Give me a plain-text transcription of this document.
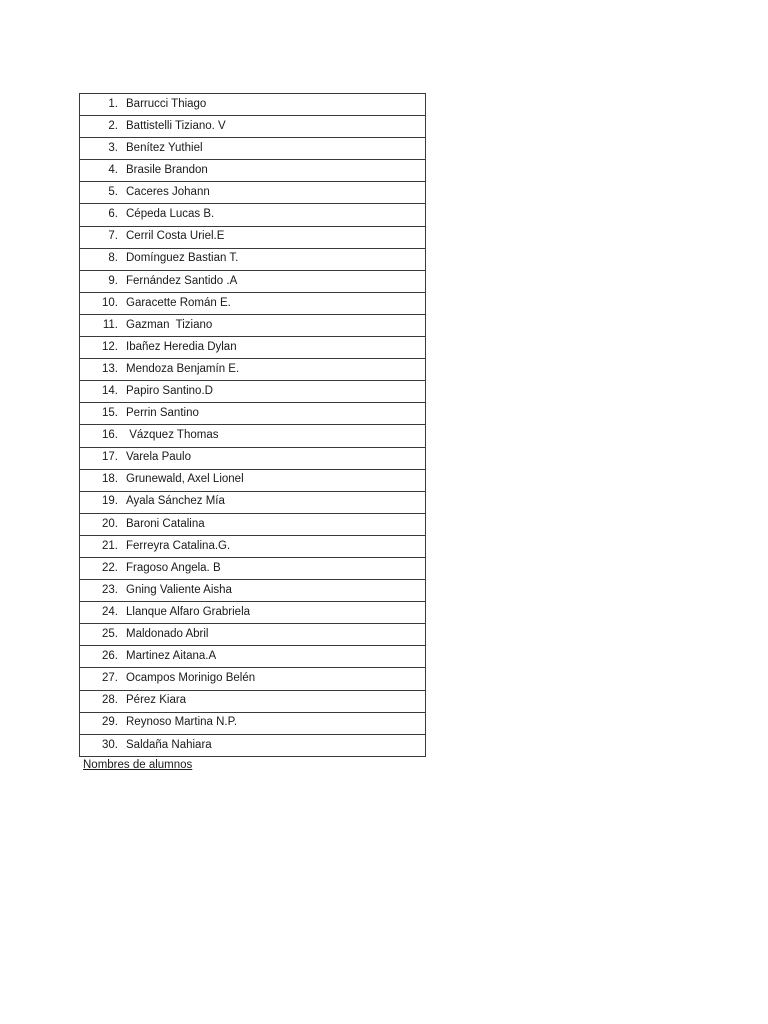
1. Barrucci Thiago
2. Battistelli Tiziano. V
3. Benítez Yuthiel
4. Brasile Brandon
5. Caceres Johann
6. Cépeda Lucas B.
7. Cerril Costa Uriel.E
8. Domínguez Bastian T.
9. Fernández Santido .A
10. Garacette Román E.
11. Gazman  Tiziano
12. Ibañez Heredia Dylan
13. Mendoza Benjamín E.
14. Papiro Santino.D
15. Perrin Santino
16. Vázquez Thomas
17. Varela Paulo
18. Grunewald, Axel Lionel
19. Ayala Sánchez Mía
20. Baroni Catalina
21. Ferreyra Catalina.G.
22. Fragoso Angela. B
23. Gning Valiente Aisha
24. Llanque Alfaro Grabriela
25. Maldonado Abril
26. Martinez Aitana.A
27. Ocampos Morinigo Belén
28. Pérez Kiara
29. Reynoso Martina N.P.
30. Saldaña Nahiara
Nombres de alumnos
